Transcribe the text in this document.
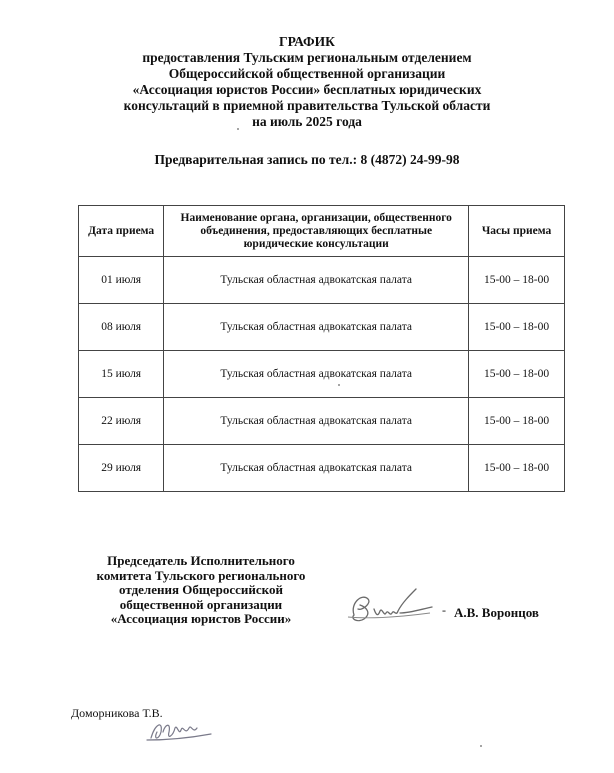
ГРАФИК
предоставления Тульским региональным отделением
Общероссийской общественной организации
«Ассоциация юристов России» бесплатных юридических
консультаций в приемной правительства Тульской области
на июль 2025 года
Предварительная запись по тел.: 8 (4872) 24-99-98
Дата приема	Наименование органа, организации, общественного объединения, предоставляющих бесплатные юридические консультации	Часы приема
01 июля	Тульская областная адвокатская палата	15-00 – 18-00
08 июля	Тульская областная адвокатская палата	15-00 – 18-00
15 июля	Тульская областная адвокатская палата	15-00 – 18-00
22 июля	Тульская областная адвокатская палата	15-00 – 18-00
29 июля	Тульская областная адвокатская палата	15-00 – 18-00
Председатель Исполнительного
комитета Тульского регионального
отделения Общероссийской
общественной организации
«Ассоциация юристов России»
- А.В. Воронцов
Доморникова Т.В.
